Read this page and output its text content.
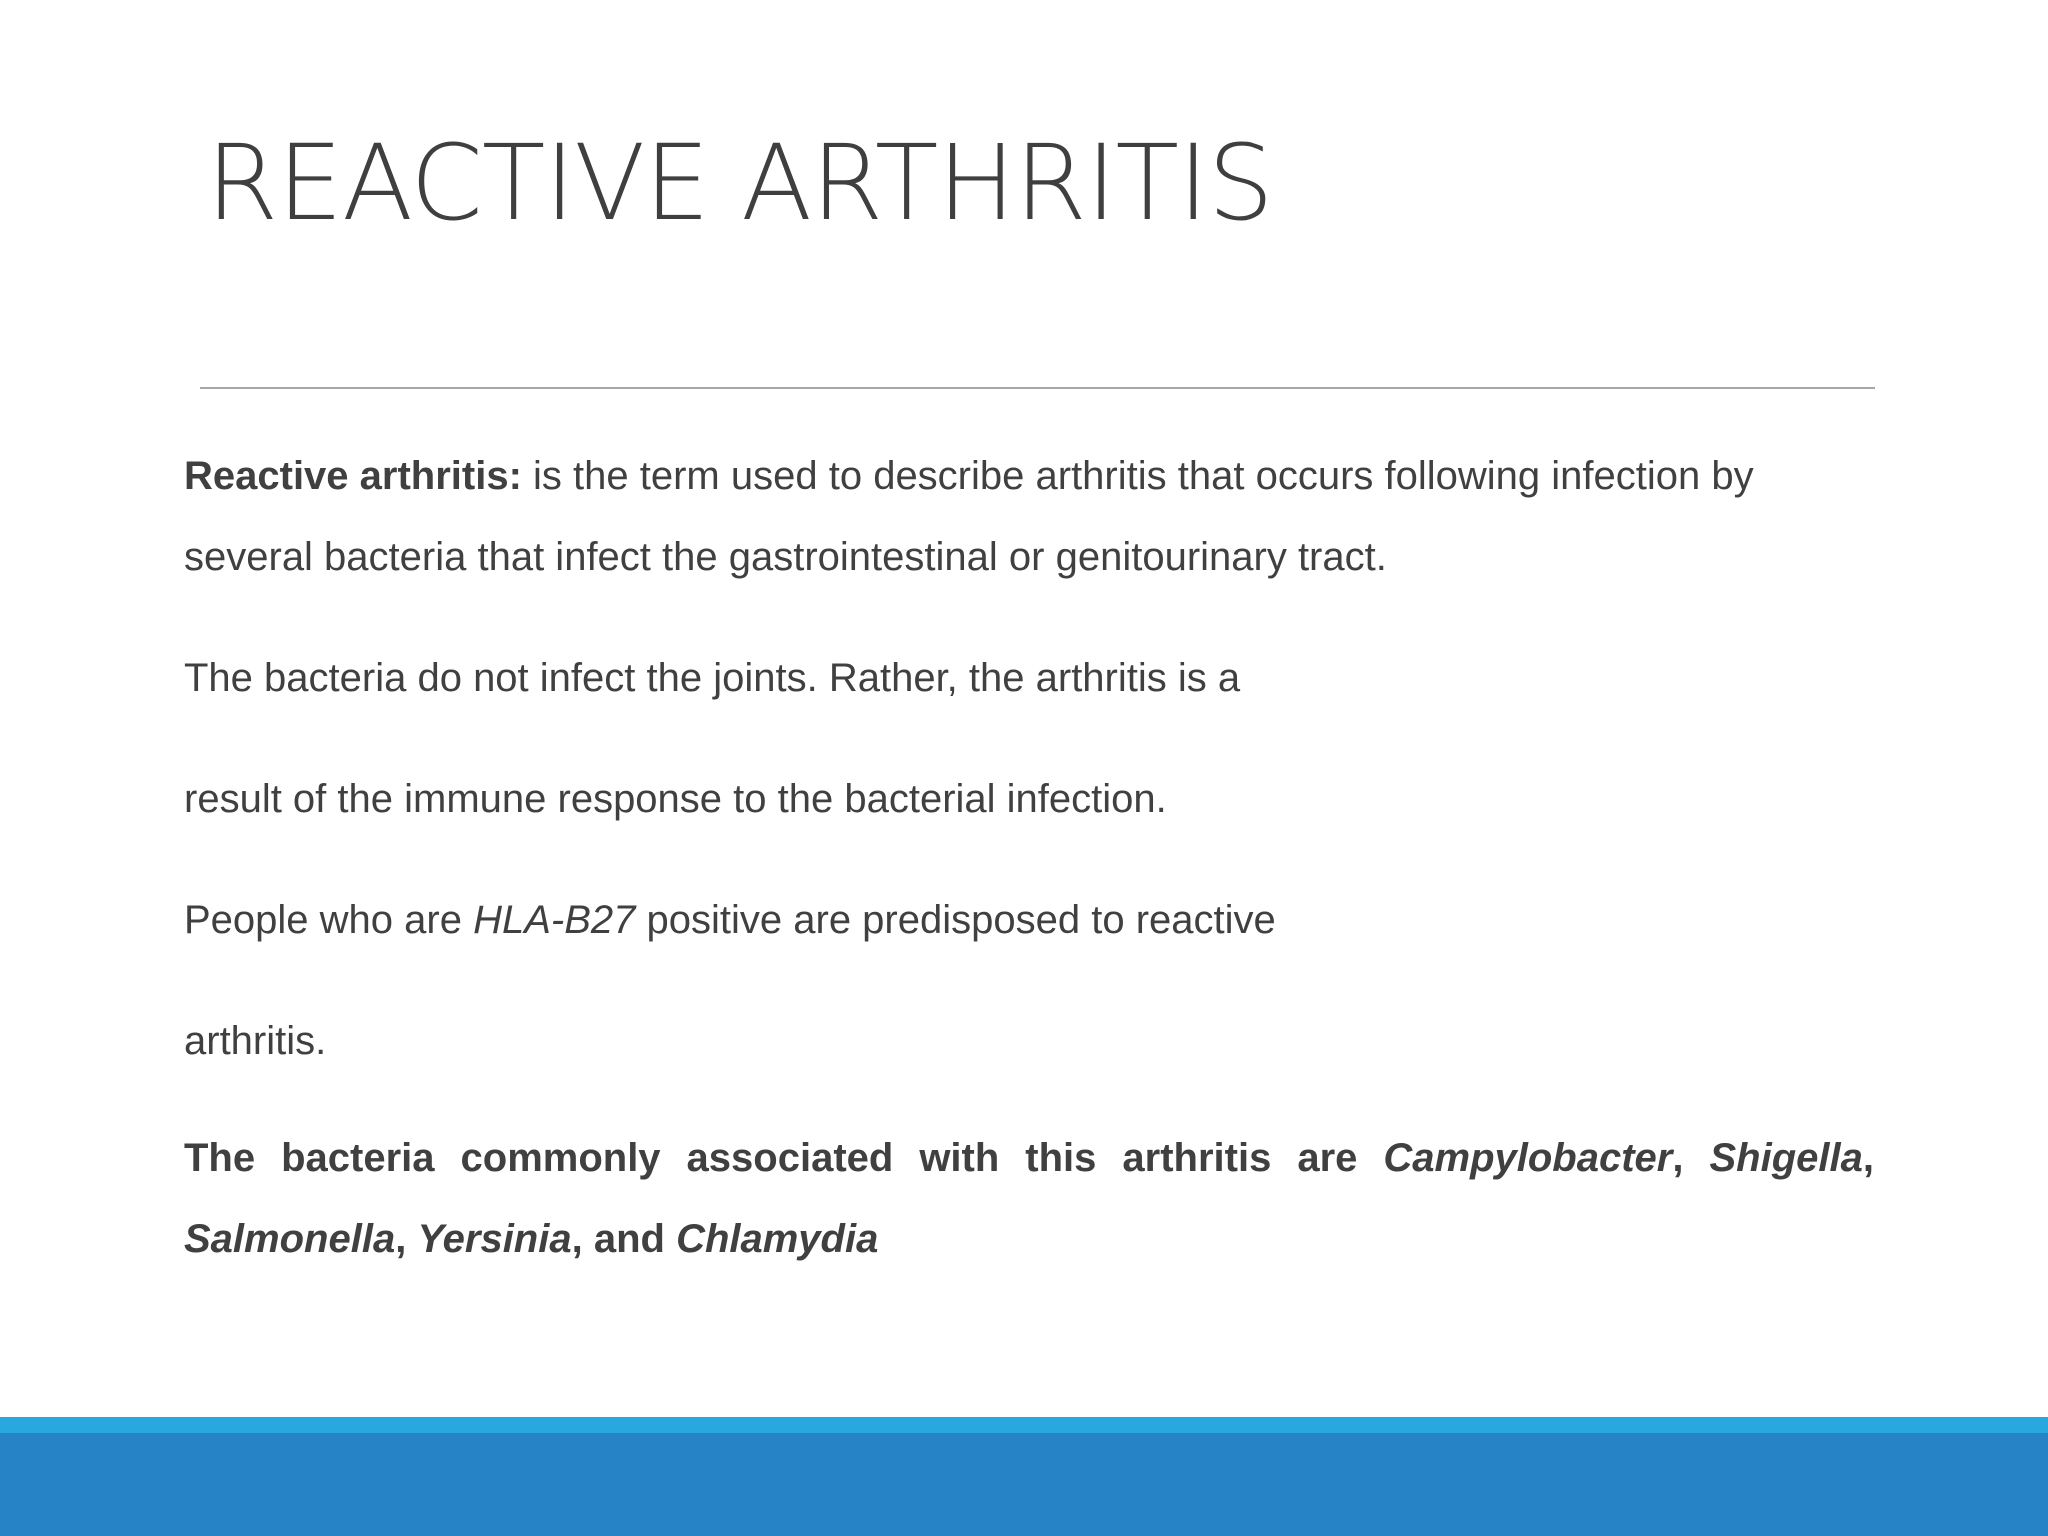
REACTIVE ARTHRITIS

Reactive arthritis: is the term used to describe arthritis that occurs following infection by several bacteria that infect the gastrointestinal or genitourinary tract.

The bacteria do not infect the joints. Rather, the arthritis is a

result of the immune response to the bacterial infection.

People who are HLA-B27 positive are predisposed to reactive

arthritis.

The bacteria commonly associated with this arthritis are Campylobacter, Shigella, Salmonella, Yersinia, and Chlamydia
